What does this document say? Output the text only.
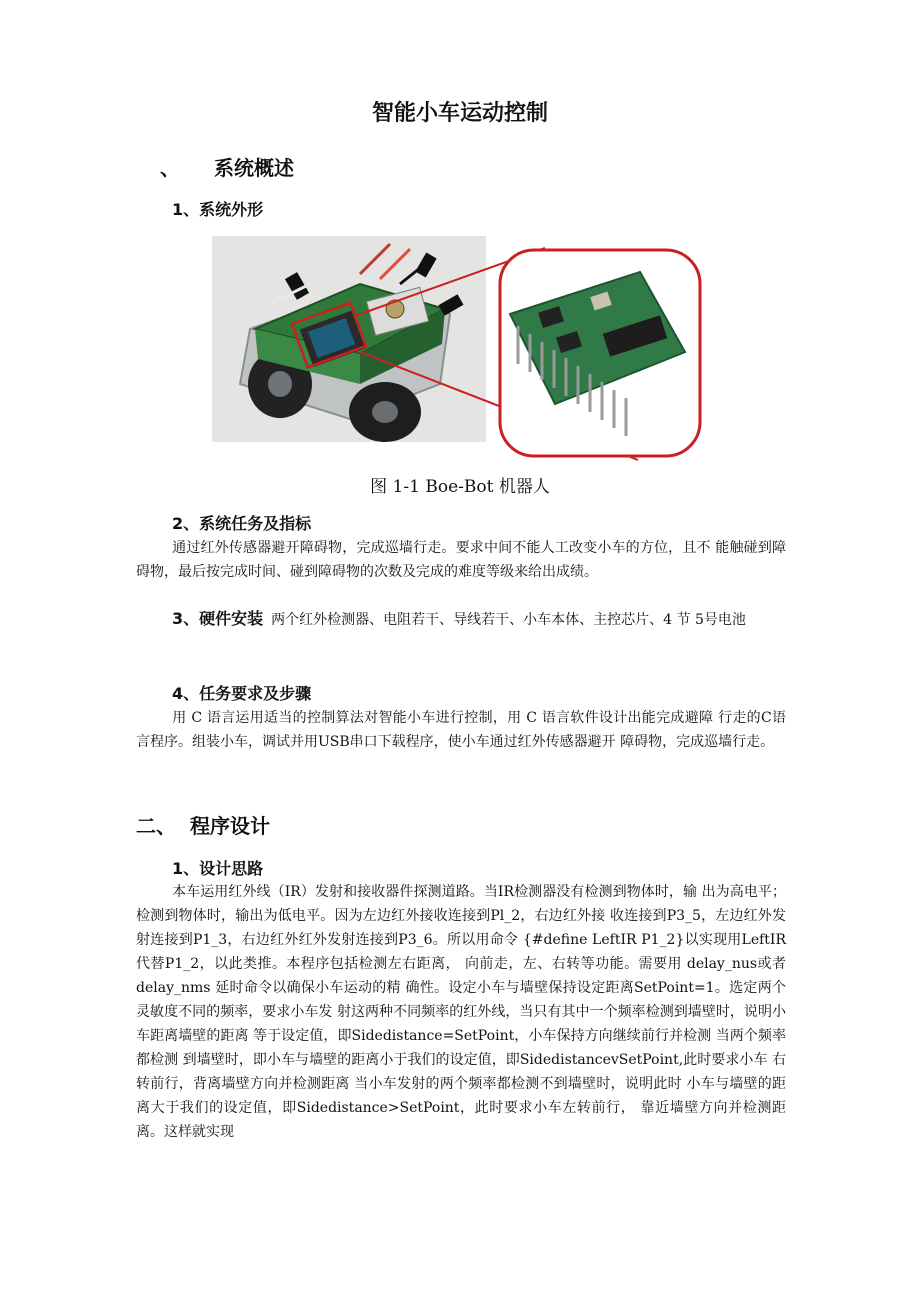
智能小车运动控制
、 系统概述
1、系统外形
图 1-1 Boe-Bot 机器人
2、系统任务及指标
通过红外传感器避开障碍物，完成巡墙行走。要求中间不能人工改变小车的方位，且不 能触碰到障碍物，最后按完成时间、碰到障碍物的次数及完成的难度等级来给出成绩。
3、硬件安装 两个红外检测器、电阻若干、导线若干、小车本体、主控芯片、4 节 5号电池
4、任务要求及步骤
用 C 语言运用适当的控制算法对智能小车进行控制，用 C 语言软件设计出能完成避障 行走的C语言程序。组装小车，调试并用USB串口下载程序，使小车通过红外传感器避开 障碍物，完成巡墙行走。
二、 程序设计
1、设计思路
本车运用红外线（IR）发射和接收器件探测道路。当IR检测器没有检测到物体时，输 出为高电平；检测到物体时，输出为低电平。因为左边红外接收连接到Pl_2，右边红外接 收连接到P3_5，左边红外发射连接到P1_3，右边红外红外发射连接到P3_6。所以用命令 {#define LeftIR P1_2}以实现用LeftIR代替P1_2，以此类推。本程序包括检测左右距离， 向前走，左、右转等功能。需要用 delay_nus或者 delay_nms 延时命令以确保小车运动的精 确性。设定小车与墙壁保持设定距离SetPoint=1。选定两个灵敏度不同的频率，要求小车发 射这两种不同频率的红外线，当只有其中一个频率检测到墙壁时，说明小车距离墙壁的距离 等于设定值，即Sidedistance=SetPoint，小车保持方向继续前行并检测 当两个频率都检测 到墙壁时，即小车与墙壁的距离小于我们的设定值，即SidedistancevSetPoint,此时要求小车 右转前行，背离墙壁方向并检测距离 当小车发射的两个频率都检测不到墙壁时，说明此时 小车与墙壁的距离大于我们的设定值，即Sidedistance>SetPoint，此时要求小车左转前行， 靠近墙壁方向并检测距离。这样就实现
